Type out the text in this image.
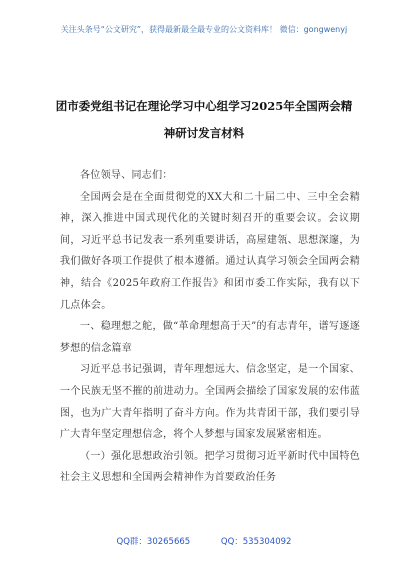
关注头条号“公文研究”，获得最新最全最专业的公文资料库！ 微信：gongwenyj
团市委党组书记在理论学习中心组学习2025年全国两会精
神研讨发言材料

各位领导、同志们：

全国两会是在全面贯彻党的XX大和二十届二中、三中全会精神，深入推进中国式现代化的关键时刻召开的重要会议。会议期间，习近平总书记发表一系列重要讲话，高屋建瓴、思想深邃，为我们做好各项工作提供了根本遵循。通过认真学习领会全国两会精神，结合《2025年政府工作报告》和团市委工作实际，我有以下几点体会。

一、稳理想之舵，做“革命理想高于天”的有志青年，谱写逐逐梦想的信念篇章

习近平总书记强调，青年理想远大、信念坚定，是一个国家、一个民族无坚不摧的前进动力。全国两会描绘了国家发展的宏伟蓝图，也为广大青年指明了奋斗方向。作为共青团干部，我们要引导广大青年坚定理想信念，将个人梦想与国家发展紧密相连。

（一）强化思想政治引领。把学习贯彻习近平新时代中国特色社会主义思想和全国两会精神作为首要政治任务

QQ群：30265665	QQ：535304092
